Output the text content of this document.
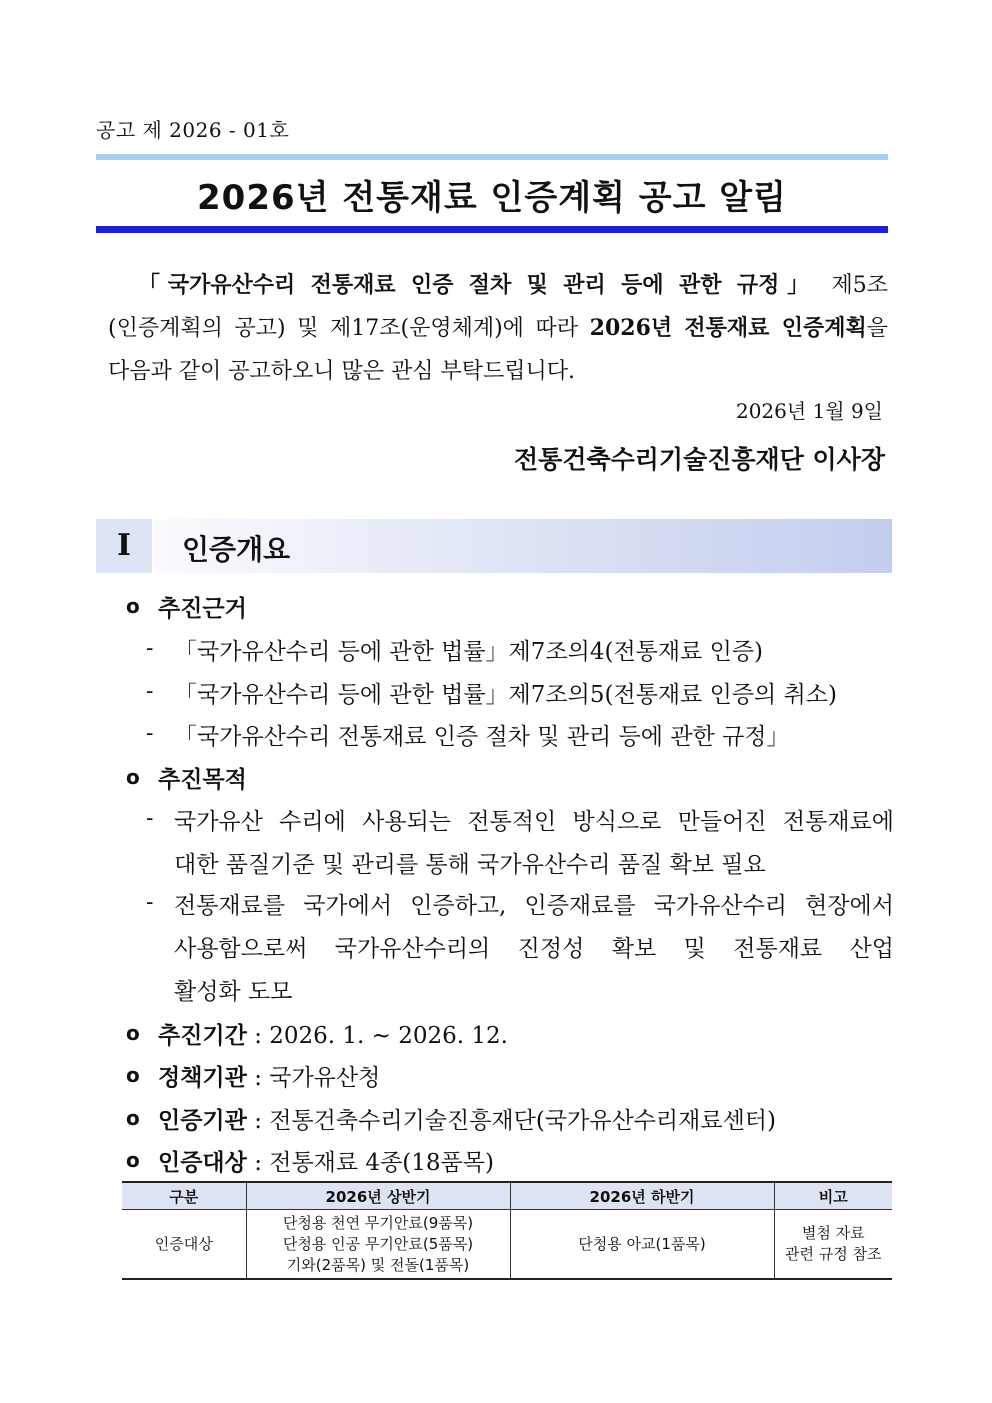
공고 제 2026 - 01호
2026년 전통재료 인증계획 공고 알림
「국가유산수리 전통재료 인증 절차 및 관리 등에 관한 규정」 제5조
(인증계획의 공고) 및 제17조(운영체계)에 따라 2026년 전통재료 인증계획을
다음과 같이 공고하오니 많은 관심 부탁드립니다.
2026년 1월 9일
전통건축수리기술진흥재단 이사장
I	인증개요
o 추진근거
- 「국가유산수리 등에 관한 법률」제7조의4(전통재료 인증)
- 「국가유산수리 등에 관한 법률」제7조의5(전통재료 인증의 취소)
- 「국가유산수리 전통재료 인증 절차 및 관리 등에 관한 규정」
o 추진목적
- 국가유산 수리에 사용되는 전통적인 방식으로 만들어진 전통재료에
대한 품질기준 및 관리를 통해 국가유산수리 품질 확보 필요
- 전통재료를 국가에서 인증하고, 인증재료를 국가유산수리 현장에서
사용함으로써 국가유산수리의 진정성 확보 및 전통재료 산업
활성화 도모
o 추진기간 : 2026. 1. ~ 2026. 12.
o 정책기관 : 국가유산청
o 인증기관 : 전통건축수리기술진흥재단(국가유산수리재료센터)
o 인증대상 : 전통재료 4종(18품목)
구분	2026년 상반기	2026년 하반기	비고
인증대상	단청용 천연 무기안료(9품목)
단청용 인공 무기안료(5품목)
기와(2품목) 및 전돌(1품목)	단청용 아교(1품목)	별첨 자료
관련 규정 참조
